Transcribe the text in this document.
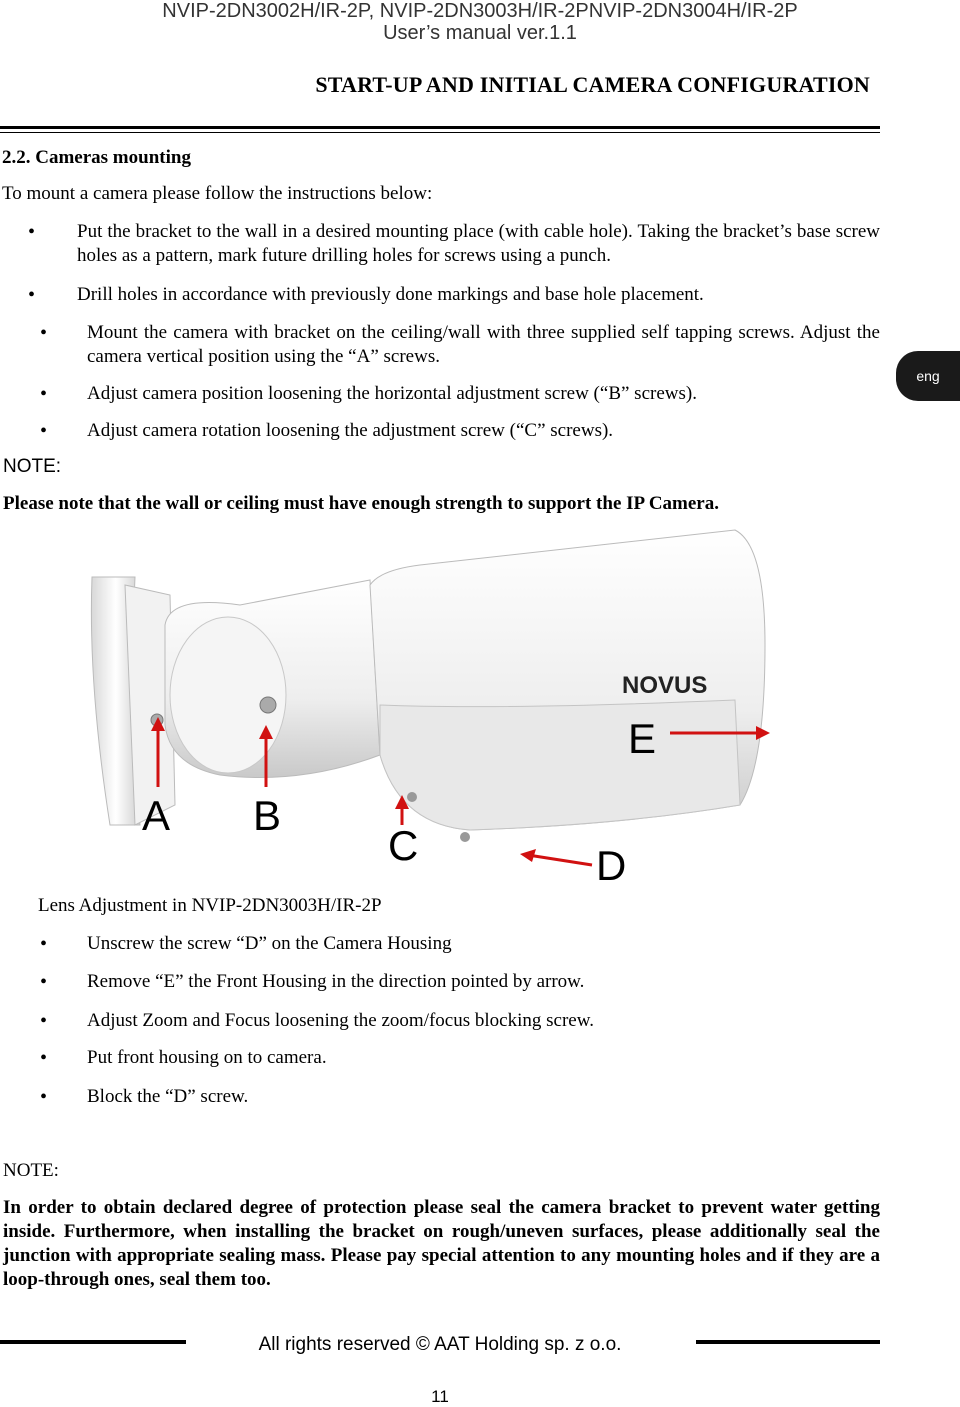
NVIP-2DN3002H/IR-2P, NVIP-2DN3003H/IR-2PNVIP-2DN3004H/IR-2P
User’s manual ver.1.1
START-UP AND INITIAL CAMERA CONFIGURATION
eng
2.2. Cameras mounting
To mount a camera please follow the instructions below:
•
Put the bracket to the wall in a desired mounting place (with cable hole). Taking the bracket’s base screw holes as a pattern, mark future drilling holes for screws using a punch.
•
Drill holes in accordance with previously done markings and base hole placement.
•
Mount the camera with bracket on the ceiling/wall with three supplied self tapping screws. Adjust the camera vertical position using the “A” screws.
•
Adjust camera position loosening the horizontal adjustment screw (“B” screws).
•
Adjust camera rotation loosening the adjustment screw (“C” screws).
NOTE:
Please note that the wall or ceiling must have enough strength to support the IP Camera.
NOVUS
A B
C	D
E
Lens Adjustment in NVIP-2DN3003H/IR-2P
•
Unscrew the screw “D” on the Camera Housing
•
Remove “E” the Front Housing in the direction pointed by arrow.
•
Adjust Zoom and Focus loosening the zoom/focus blocking screw.
•
Put front housing on to camera.
•
Block the “D” screw.
NOTE:
In order to obtain declared degree of protection please seal the camera bracket to prevent water getting inside. Furthermore, when installing the bracket on rough/uneven surfaces, please additionally seal the junction with appropriate sealing mass. Please pay special attention to any mounting holes and if they are a loop-through ones, seal them too.
All rights reserved © AAT Holding sp. z o.o.
11
